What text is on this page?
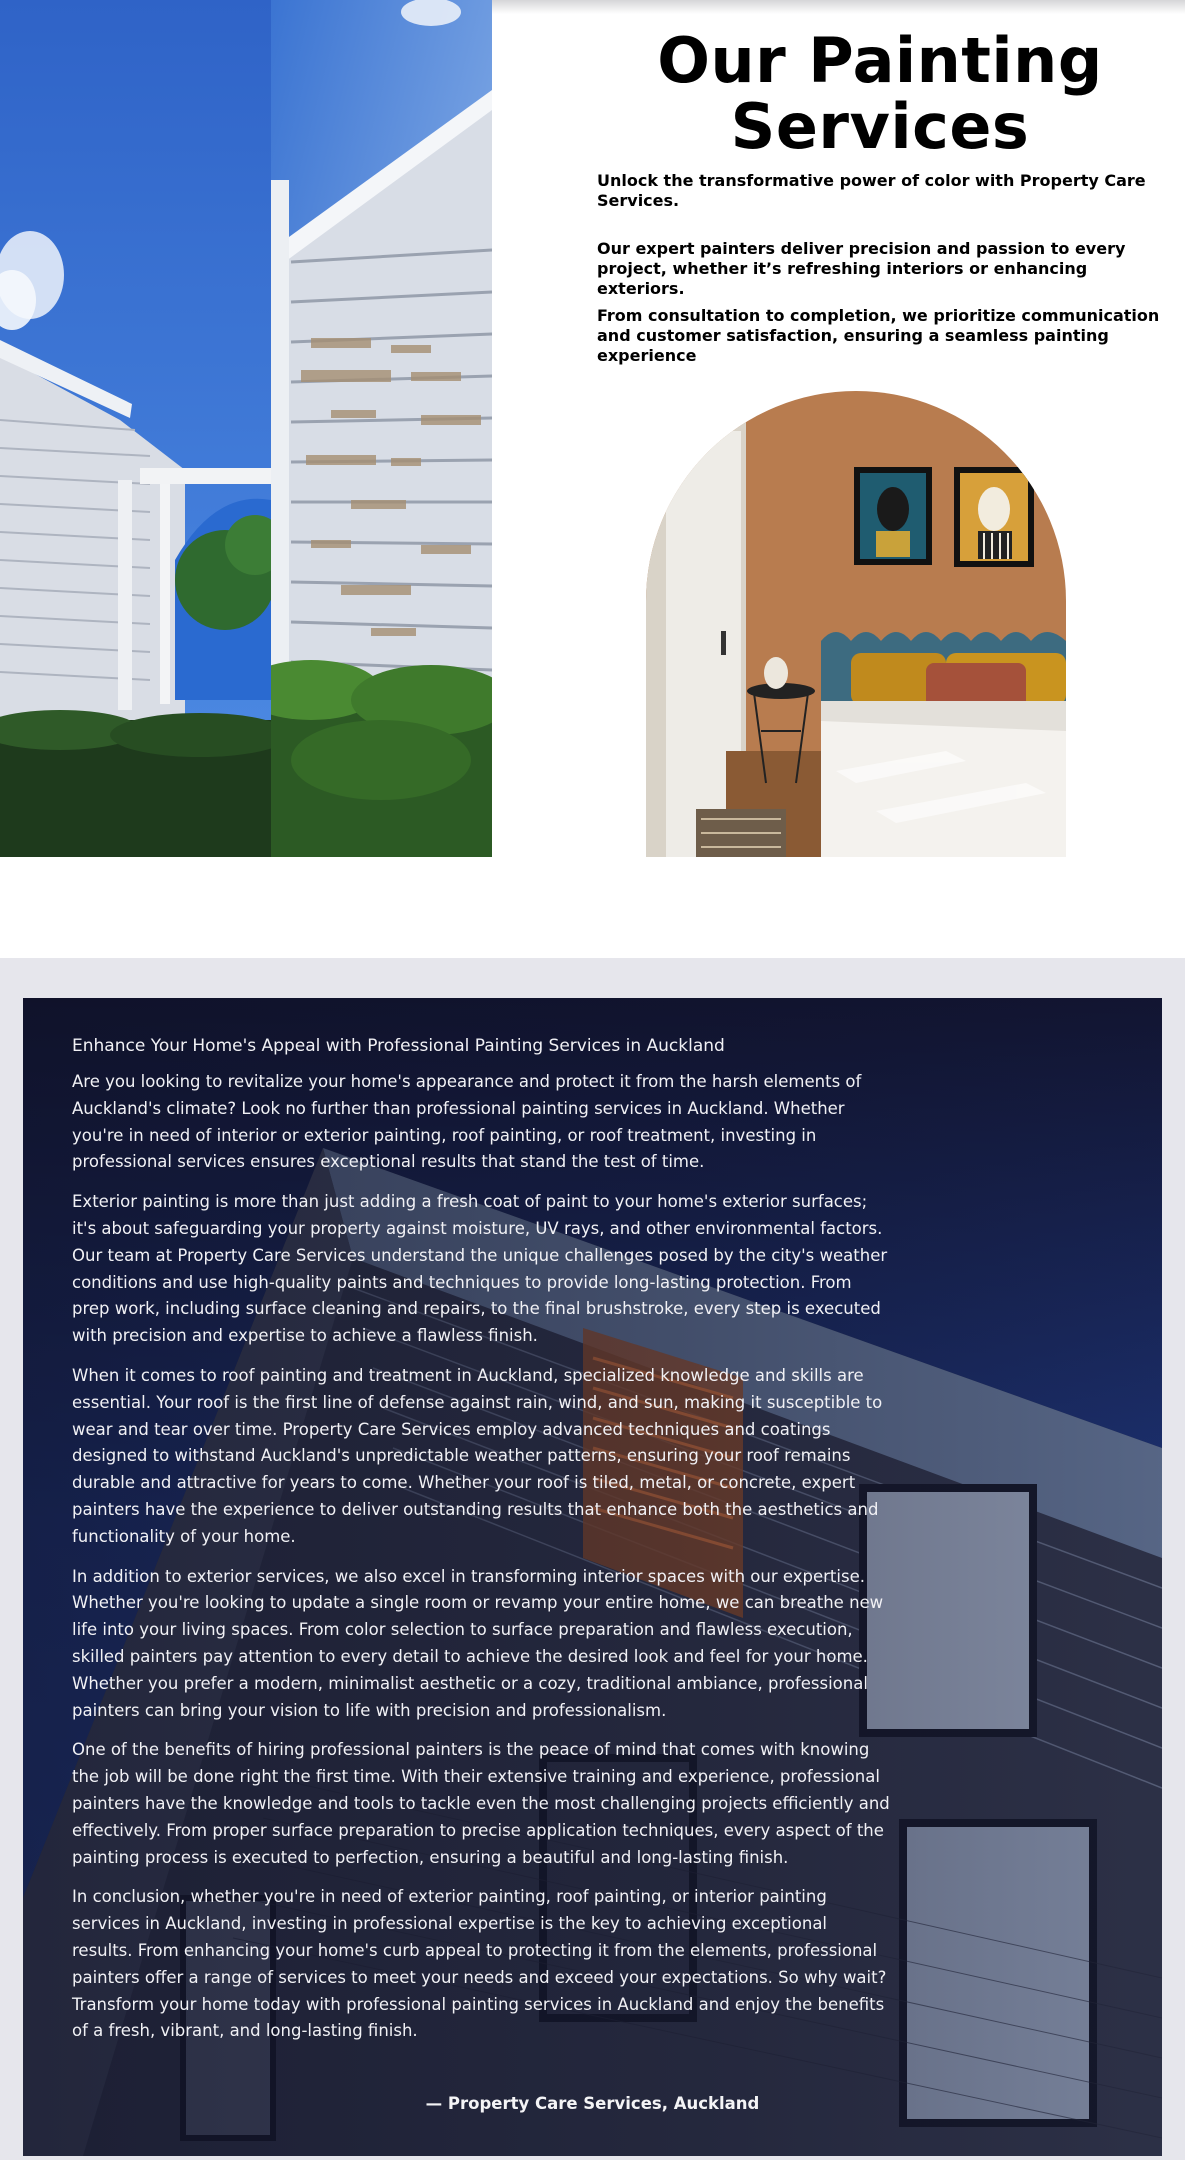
Our Painting
Services

Unlock the transformative power of color with Property Care Services.

Our expert painters deliver precision and passion to every project, whether it’s refreshing interiors or enhancing exteriors.

From consultation to completion, we prioritize communication and customer satisfaction, ensuring a seamless painting experience

Enhance Your Home's Appeal with Professional Painting Services in Auckland

Are you looking to revitalize your home's appearance and protect it from the harsh elements of Auckland's climate? Look no further than professional painting services in Auckland. Whether you're in need of interior or exterior painting, roof painting, or roof treatment, investing in professional services ensures exceptional results that stand the test of time.

Exterior painting is more than just adding a fresh coat of paint to your home's exterior surfaces; it's about safeguarding your property against moisture, UV rays, and other environmental factors. Our team at Property Care Services understand the unique challenges posed by the city's weather conditions and use high-quality paints and techniques to provide long-lasting protection. From prep work, including surface cleaning and repairs, to the final brushstroke, every step is executed with precision and expertise to achieve a flawless finish.

When it comes to roof painting and treatment in Auckland, specialized knowledge and skills are essential. Your roof is the first line of defense against rain, wind, and sun, making it susceptible to wear and tear over time. Property Care Services employ advanced techniques and coatings designed to withstand Auckland's unpredictable weather patterns, ensuring your roof remains durable and attractive for years to come. Whether your roof is tiled, metal, or concrete, expert painters have the experience to deliver outstanding results that enhance both the aesthetics and functionality of your home.

In addition to exterior services, we also excel in transforming interior spaces with our expertise. Whether you're looking to update a single room or revamp your entire home, we can breathe new life into your living spaces. From color selection to surface preparation and flawless execution, skilled painters pay attention to every detail to achieve the desired look and feel for your home. Whether you prefer a modern, minimalist aesthetic or a cozy, traditional ambiance, professional painters can bring your vision to life with precision and professionalism.

One of the benefits of hiring professional painters is the peace of mind that comes with knowing the job will be done right the first time. With their extensive training and experience, professional painters have the knowledge and tools to tackle even the most challenging projects efficiently and effectively. From proper surface preparation to precise application techniques, every aspect of the painting process is executed to perfection, ensuring a beautiful and long-lasting finish.

In conclusion, whether you're in need of exterior painting, roof painting, or interior painting services in Auckland, investing in professional expertise is the key to achieving exceptional results. From enhancing your home's curb appeal to protecting it from the elements, professional painters offer a range of services to meet your needs and exceed your expectations. So why wait? Transform your home today with professional painting services in Auckland and enjoy the benefits of a fresh, vibrant, and long-lasting finish.

— Property Care Services, Auckland
